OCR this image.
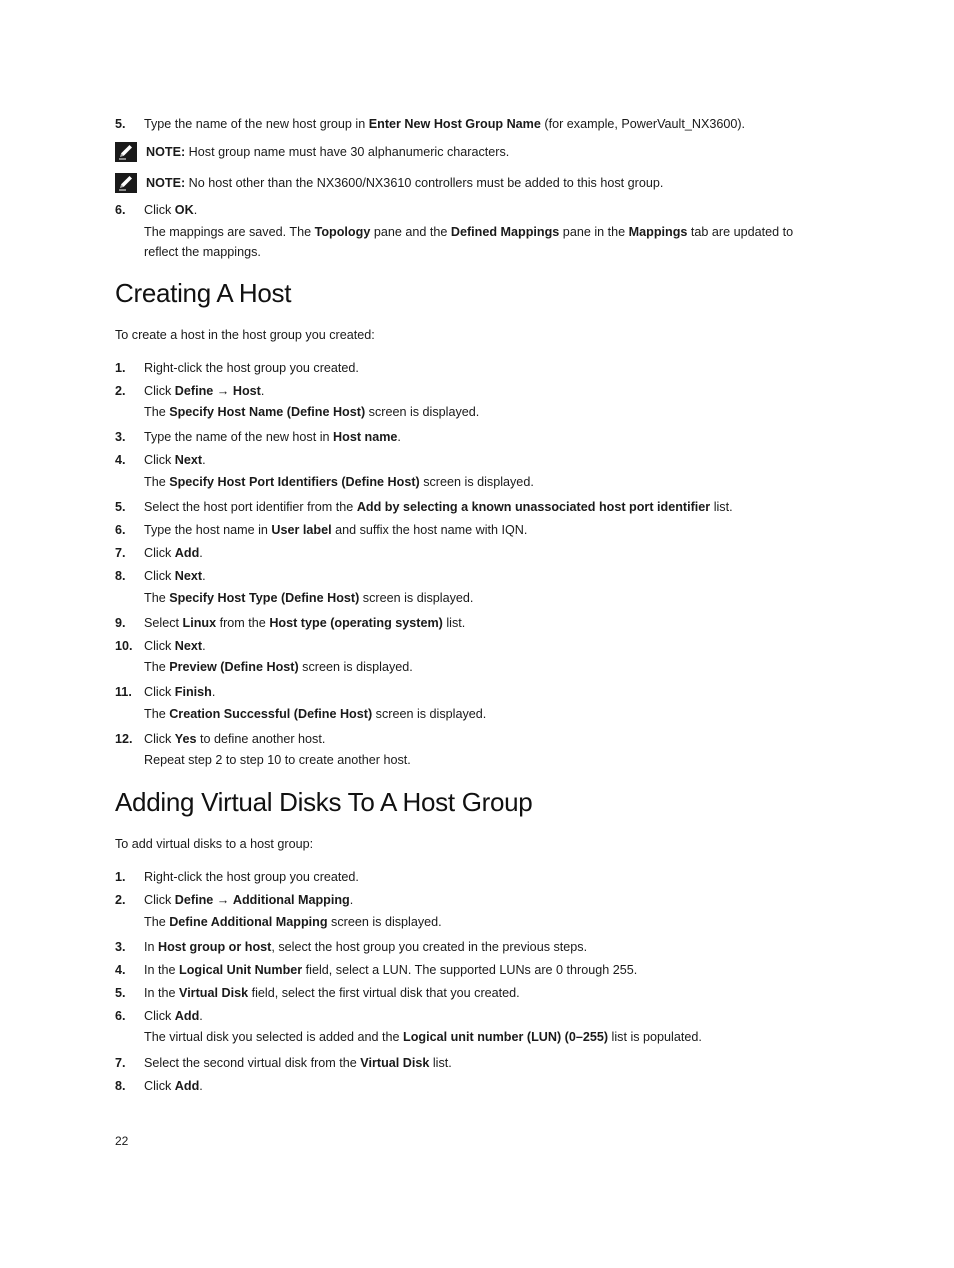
5. Type the name of the new host group in Enter New Host Group Name (for example, PowerVault_NX3600).
NOTE: Host group name must have 30 alphanumeric characters.
NOTE: No host other than the NX3600/NX3610 controllers must be added to this host group.
6. Click OK.
The mappings are saved. The Topology pane and the Defined Mappings pane in the Mappings tab are updated to reflect the mappings.
Creating A Host
To create a host in the host group you created:
1. Right-click the host group you created.
2. Click Define → Host.
The Specify Host Name (Define Host) screen is displayed.
3. Type the name of the new host in Host name.
4. Click Next.
The Specify Host Port Identifiers (Define Host) screen is displayed.
5. Select the host port identifier from the Add by selecting a known unassociated host port identifier list.
6. Type the host name in User label and suffix the host name with IQN.
7. Click Add.
8. Click Next.
The Specify Host Type (Define Host) screen is displayed.
9. Select Linux from the Host type (operating system) list.
10. Click Next.
The Preview (Define Host) screen is displayed.
11. Click Finish.
The Creation Successful (Define Host) screen is displayed.
12. Click Yes to define another host.
Repeat step 2 to step 10 to create another host.
Adding Virtual Disks To A Host Group
To add virtual disks to a host group:
1. Right-click the host group you created.
2. Click Define → Additional Mapping.
The Define Additional Mapping screen is displayed.
3. In Host group or host, select the host group you created in the previous steps.
4. In the Logical Unit Number field, select a LUN. The supported LUNs are 0 through 255.
5. In the Virtual Disk field, select the first virtual disk that you created.
6. Click Add.
The virtual disk you selected is added and the Logical unit number (LUN) (0–255) list is populated.
7. Select the second virtual disk from the Virtual Disk list.
8. Click Add.
22
